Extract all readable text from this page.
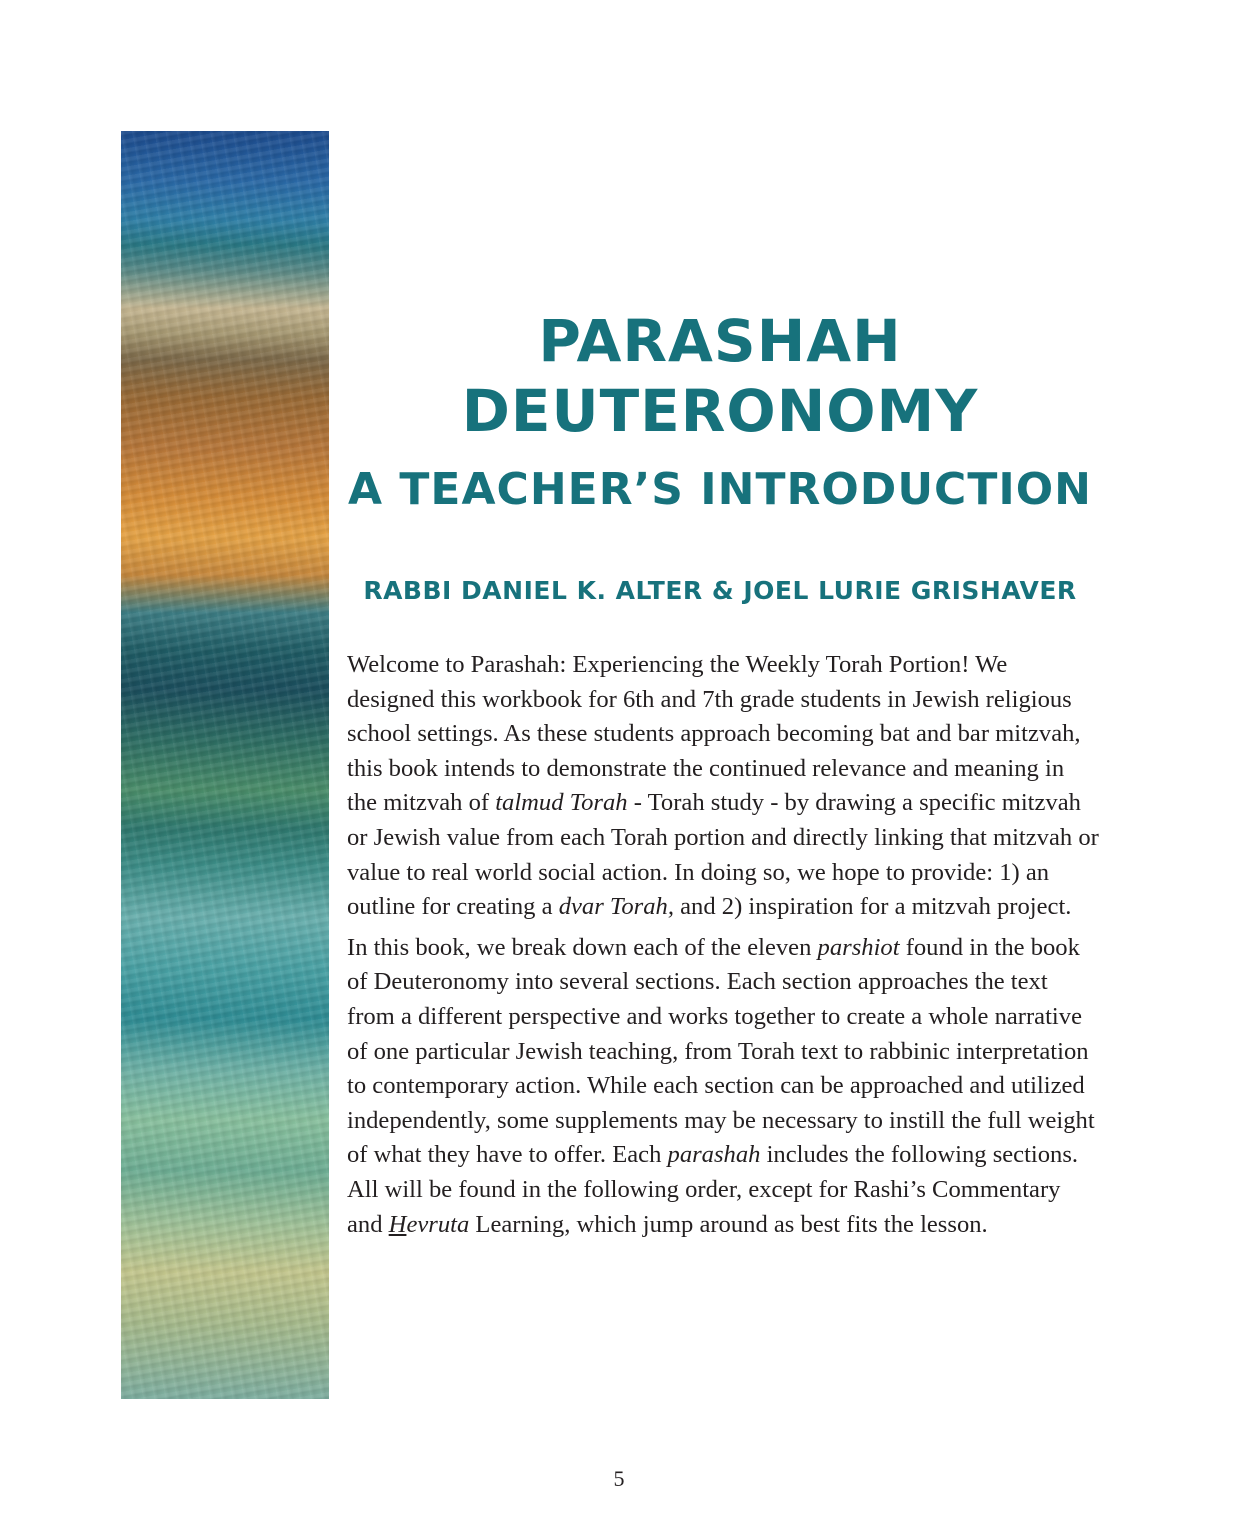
PARASHAH
DEUTERONOMY
A TEACHER’S INTRODUCTION
RABBI DANIEL K. ALTER & JOEL LURIE GRISHAVER

Welcome to Parashah: Experiencing the Weekly Torah Portion! We designed this workbook for 6th and 7th grade students in Jewish religious school settings. As these students approach becoming bat and bar mitzvah, this book intends to demonstrate the continued relevance and meaning in the mitzvah of talmud Torah - Torah study - by drawing a specific mitzvah or Jewish value from each Torah portion and directly linking that mitzvah or value to real world social action. In doing so, we hope to provide: 1) an outline for creating a dvar Torah, and 2) inspiration for a mitzvah project.

In this book, we break down each of the eleven parshiot found in the book of Deuteronomy into several sections. Each section approaches the text from a different perspective and works together to create a whole narrative of one particular Jewish teaching, from Torah text to rabbinic interpretation to contemporary action. While each section can be approached and utilized independently, some supplements may be necessary to instill the full weight of what they have to offer. Each parashah includes the following sections. All will be found in the following order, except for Rashi’s Commentary and Hevruta Learning, which jump around as best fits the lesson.

5
